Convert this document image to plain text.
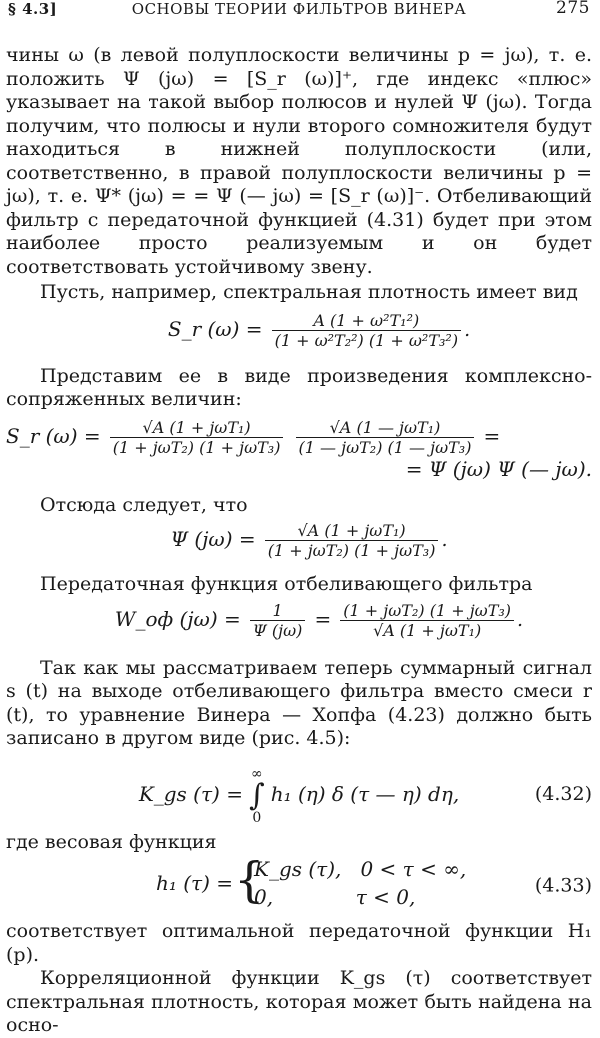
§ 4.3]	ОСНОВЫ ТЕОРИИ ФИЛЬТРОВ ВИНЕРА	275

чины ω (в левой полуплоскости величины p = jω), т. е. положить Ψ (jω) = [S_r (ω)]⁺, где индекс «плюс» указывает на такой выбор полюсов и нулей Ψ (jω). Тогда получим, что полюсы и нули второго сомножителя будут находиться в нижней полуплоскости (или, соответственно, в правой полуплоскости величины p = jω), т. е. Ψ* (jω) = = Ψ (— jω) = [S_r (ω)]⁻. Отбеливающий фильтр с передаточной функцией (4.31) будет при этом наиболее просто реализуемым и он будет соответствовать устойчивому звену.

Пусть, например, спектральная плотность имеет вид

S_r $(\omega) = \frac{\text{A (1 + ω²T₁²)}}{\text{(1 + ω²T₂²) (1 + ω²T₃²)}}$ .

Представим ее в виде произведения комплексно-сопряженных величин:

S_r $(\omega) = \frac{\text{√A (1 + jωT₁)}}{\text{(1 + jωT₂) (1 + jωT₃)}}$
$\frac{\text{√A (1 — jωT₁)}}{\text{(1 — jωT₂) (1 — jωT₃)}}$ =
= Ψ (jω) Ψ (— jω).

Отсюда следует, что

Ψ $(j\omega) = \frac{\text{√A (1 + jωT₁)}}{\text{(1 + jωT₂) (1 + jωT₃)}}$ .

Передаточная функция отбеливающего фильтра

W_оф $(j\omega) = \frac{1}{\Psi (j\omega)} = \frac{\text{(1 + jωT₂) (1 + jωT₃)}}{\text{√A (1 + jωT₁)}}$ .

Так как мы рассматриваем теперь суммарный сигнал s (t) на выходе отбеливающего фильтра вместо смеси r (t), то уравнение Винера — Хопфа (4.23) должно быть записано в другом виде (рис. 4.5):

K_gs (τ) =
∞
∫
0
h₁ (η) δ (τ — η) dη,	(4.32)

где весовая функция

h₁ (τ) = {
K_gs (τ),   0 < τ < ∞,
0,             τ < 0,	(4.33)

соответствует оптимальной передаточной функции H₁ (p).

Корреляционной функции K_gs (τ) соответствует спектральная плотность, которая может быть найдена на осно-
